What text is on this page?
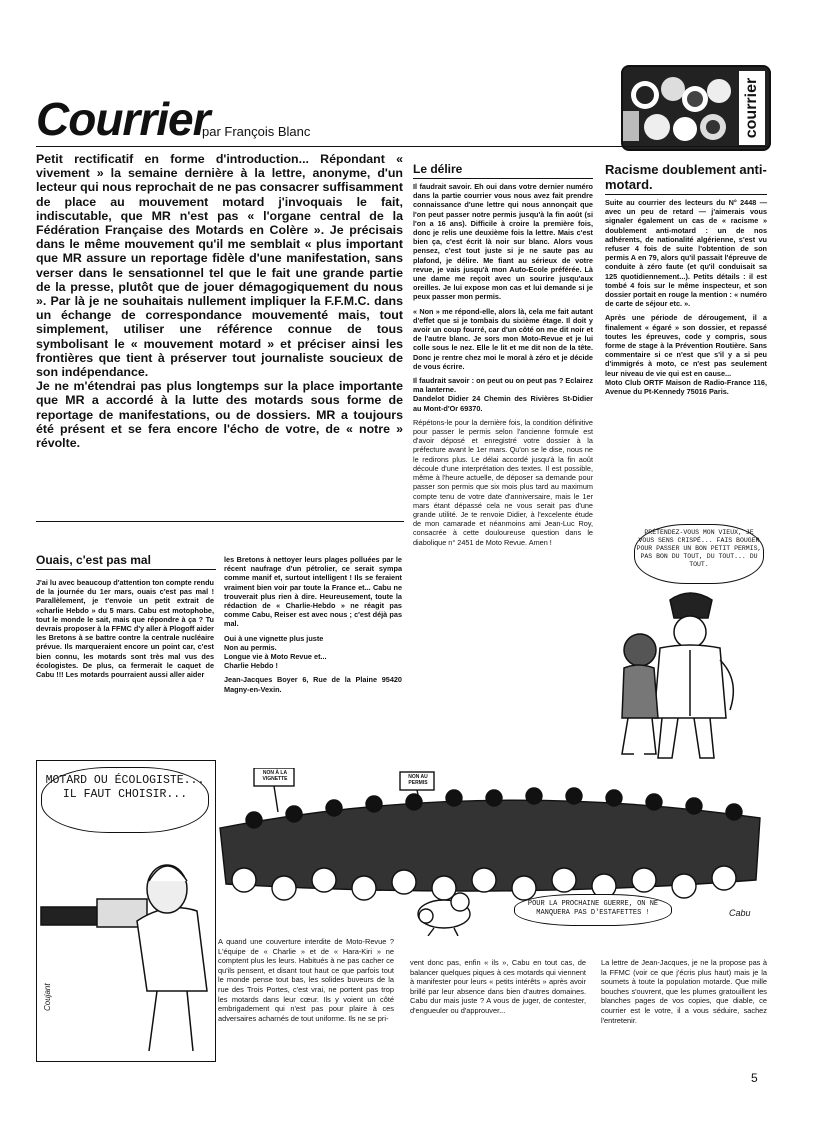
courrier
Courrier
par François Blanc

Petit rectificatif en forme d'introduction... Répondant « vivement » la semaine dernière à la lettre, anonyme, d'un lecteur qui nous reprochait de ne pas consacrer suffisamment de place au mouvement motard j'invoquais le fait, indiscutable, que MR n'est pas « l'organe central de la Fédération Française des Motards en Colère ». Je précisais dans le même mouvement qu'il me semblait « plus important que MR assure un reportage fidèle d'une manifestation, sans verser dans le sensationnel tel que le fait une grande partie de la presse, plutôt que de jouer démagogiquement du nous ». Par là je ne souhaitais nullement impliquer la F.F.M.C. dans un échange de correspondance mouvementé mais, tout simplement, utiliser une référence connue de tous symbolisant le « mouvement motard » et préciser ainsi les frontières que tient à préserver tout journaliste soucieux de son indépendance.

Je ne m'étendrai pas plus longtemps sur la place importante que MR a accordé à la lutte des motards sous forme de reportage de manifestations, ou de dossiers. MR a toujours été présent et se fera encore l'écho de votre, de « notre » révolte.

Le délire

Il faudrait savoir. Eh oui dans votre dernier numéro dans la partie courrier vous nous avez fait prendre connaissance d'une lettre qui nous annonçait que l'on peut passer notre permis jusqu'à la fin août (si l'on a 16 ans). Difficile à croire la première fois, donc je relis une deuxième fois la lettre. Mais c'est bien ça, c'est écrit là noir sur blanc. Alors vous pensez, c'est tout juste si je ne saute pas au plafond, je délire. Me fiant au sérieux de votre revue, je vais jusqu'à mon Auto-Ecole préférée. Là une dame me reçoit avec un sourire jusqu'aux oreilles. Je lui expose mon cas et lui demande si je peux passer mon permis.

« Non » me répond-elle, alors là, cela me fait autant d'effet que si je tombais du sixième étage. Il doit y avoir un coup fourré, car d'un côté on me dit noir et de l'autre blanc. Je sors mon Moto-Revue et je lui colle sous le nez. Elle le lit et me dit non de la tête. Donc je rentre chez moi le moral à zéro et je décide de vous écrire.

Il faudrait savoir : on peut ou on peut pas ? Eclairez ma lanterne.

Dandelot Didier 24 Chemin des Rivières St-Didier au Mont-d'Or 69370.

Répétons-le pour la dernière fois, la condition définitive pour passer le permis selon l'ancienne formule est d'avoir déposé et enregistré votre dossier à la préfecture avant le 1er mars. Qu'on se le dise, nous ne le redirons plus. Le délai accordé jusqu'à la fin août découle d'une interprétation des textes. Il est possible, même à l'heure actuelle, de déposer sa demande pour passer son permis que six mois plus tard au maximum compte tenu de votre date d'anniversaire, mais le 1er mars étant dépassé cela ne vous serait pas d'une grande utilité. Je te renvoie Didier, à l'excelente étude de mon camarade et néanmoins ami Jean-Luc Roy, consacrée à cette douloureuse question dans le diabolique n° 2451 de Moto Revue. Amen !

Racisme doublement anti-motard.

Suite au courrier des lecteurs du N° 2448 — avec un peu de retard — j'aimerais vous signaler également un cas de « racisme » doublement anti-motard : un de nos adhérents, de nationalité algérienne, s'est vu refuser 4 fois de suite l'obtention de son permis A en 79, alors qu'il passait l'épreuve de conduite à zéro faute (et qu'il conduisait sa 125 quotidiennement...). Petits détails : il est tombé 4 fois sur le même inspecteur, et son dossier portait en rouge la mention : « numéro de carte de séjour etc. ».

Après une période de dérougement, il a finalement « égaré » son dossier, et repassé toutes les épreuves, code y compris, sous forme de stage à la Prévention Routière. Sans commentaire si ce n'est que s'il y a si peu d'immigrés à moto, ce n'est pas seulement leur niveau de vie qui est en cause...

Moto Club ORTF Maison de Radio-France 116, Avenue du Pt-Kennedy 75016 Paris.

PRÉTENDEZ-VOUS MON VIEUX, JE VOUS SENS CRISPÉ... FAIS BOUGER POUR PASSER UN BON PETIT PERMIS, PAS BON DU TOUT, DU TOUT... DU TOUT.
Ouais, c'est pas mal
J'ai lu avec beaucoup d'attention ton compte rendu de la journée du 1er mars, ouais c'est pas mal ! Parallèlement, je t'envoie un petit extrait de «charlie Hebdo » du 5 mars. Cabu est motophobe, tout le monde le sait, mais que répondre à ça ? Tu devrais proposer à la FFMC d'y aller à Plogoff aider les Bretons à se battre contre la centrale nucléaire prévue. Ils marqueraient encore un point car, c'est bien connu, les motards sont très mal vus des écologistes. De plus, ca fermerait le caquet de Cabu !!! Les motards pourraient aussi aller aider

les Bretons à nettoyer leurs plages polluées par le récent naufrage d'un pétrolier, ce serait sympa comme manif et, surtout intelligent ! Ils se feraient vraiment bien voir par toute la France et... Cabu ne trouverait plus rien à dire. Heureusement, toute la rédaction de « Charlie-Hebdo » ne réagit pas comme Cabu, Reiser est avec nous ; c'est déjà pas mal.

Oui à une vignette plus juste
Non au permis.
Longue vie à Moto Revue et...
Charlie Hebdo !

Jean-Jacques Boyer 6, Rue de la Plaine 95420 Magny-en-Vexin.

MOTARD OU ÉCOLOGISTE... IL FAUT CHOISIR...
Coujant
NON À LA VIGNETTE	NON AU PERMIS
POUR LA PROCHAINE GUERRE, ON NE MANQUERA PAS D'ESTAFETTES !	Cabu
A quand une couverture interdite de Moto-Revue ? L'équipe de « Charlie » et de « Hara-Kiri » ne comptent plus les leurs. Habitués à ne pas cacher ce qu'ils pensent, et disant tout haut ce que parfois tout le monde pense tout bas, les solides buveurs de la rue des Trois Portes, c'est vrai, ne portent pas trop les motards dans leur cœur. Ils y voient un côté embrigadement qui n'est pas pour plaire à ces adversaires acharnés de tout uniforme. Ils ne se pri-
vent donc pas, enfin « ils », Cabu en tout cas, de balancer quelques piques à ces motards qui viennent à manifester pour leurs « petits intérêts » après avoir brillé par leur absence dans bien d'autres domaines. Cabu dur mais juste ? A vous de juger, de contester, d'engueuler ou d'approuver...
La lettre de Jean-Jacques, je ne la propose pas à la FFMC (voir ce que j'écris plus haut) mais je la soumets à toute la population motarde. Que mille bouches s'ouvrent, que les plumes gratouillent les blanches pages de vos copies, que diable, ce courrier est le votre, il a vous séduire, sachez l'entretenir.
5
